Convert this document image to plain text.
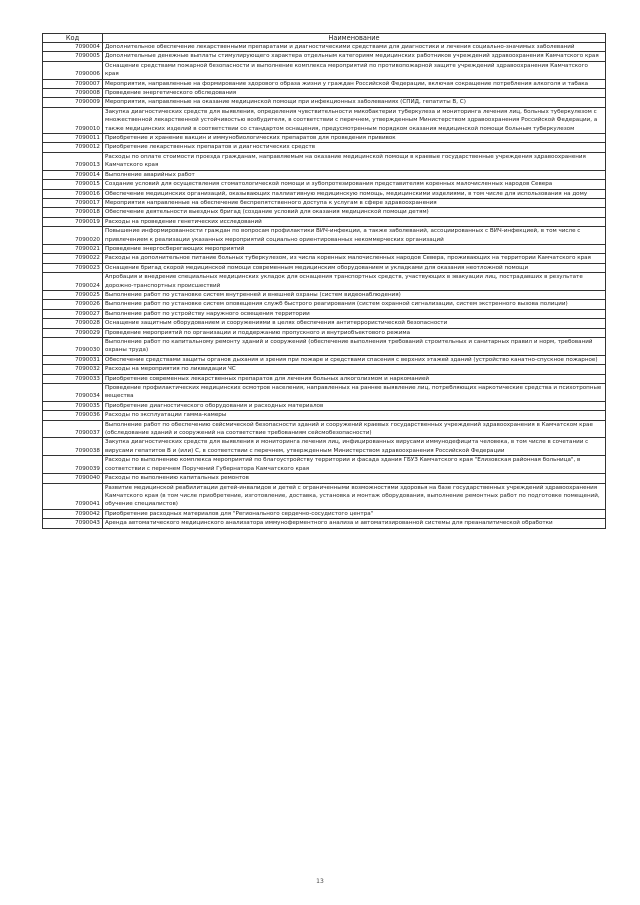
Код	Наименование
7090004	Дополнительное обеспечение лекарственными препаратами и диагностическими средствами для диагностики и лечения социально-значимых заболеваний
7090005	Дополнительные денежные выплаты стимулирующего характера отдельным категориям медицинских работников учреждений здравоохранения Камчатского края
7090006	Оснащение средствами пожарной безопасности и выполнение комплекса мероприятий по противопожарной защите учреждений здравоохранения Камчатского края
7090007	Мероприятия, направленные на формирование здорового образа жизни у граждан Российской Федерации, включая сокращение потребления алкоголя и табака
7090008	Проведение энергетического обследования
7090009	Мероприятия, направленные на оказание медицинской помощи при инфекционных заболеваниях (СПИД, гепатиты B, C)
7090010	Закупка диагностических средств для выявления, определения чувствительности микобактерии туберкулеза и мониторинга лечения лиц, больных туберкулезом с множественной лекарственной устойчивостью возбудителя, в соответствии с перечнем, утвержденным Министерством здравоохранения Российской Федерации, а также медицинских изделий в соответствии со стандартом оснащения, предусмотренным порядком оказания медицинской помощи больным туберкулезом
7090011	Приобретение и хранение вакцин и иммунобиологических препаратов для проведения прививок
7090012	Приобретение лекарственных препаратов и диагностических средств
7090013	Расходы по оплате стоимости проезда гражданам, направляемым на оказание медицинской помощи в краевые государственные учреждения здравоохранения Камчатского края
7090014	Выполнение аварийных работ
7090015	Создание условий для осуществления стоматологической помощи и зубопротезирования представителям коренных малочисленных народов Севера
7090016	Обеспечение медицинских организаций, оказывающих паллиативную медицинскую помощь, медицинскими изделиями, в том числе для использования на дому
7090017	Мероприятия направленные на обеспечение беспрепятственного доступа к услугам в сфере здравоохранения
7090018	Обеспечение деятельности выездных бригад (создание условий для оказания медицинской помощи детям)
7090019	Расходы на проведение генетических исследований
7090020	Повышение информированности граждан по вопросам профилактики ВИЧ-инфекции, а также заболеваний, ассоциированных с ВИЧ-инфекцией, в том числе с привлечением к реализации указанных мероприятий социально ориентированных некоммерческих организаций
7090021	Проведение энергосберегающих мероприятий
7090022	Расходы на дополнительное питание больных туберкулезом, из числа коренных малочисленных народов Севера, проживающих на территории Камчатского края
7090023	Оснащение бригад скорой медицинской помощи современным медицинским оборудованием и укладками для оказания неотложной помощи
7090024	Апробация и внедрение специальных медицинских укладок для оснащения транспортных средств, участвующих в эвакуации лиц, пострадавших в результате дорожно-транспортных происшествий
7090025	Выполнение работ по установке систем внутренней и внешней охраны (систем видеонаблюдения)
7090026	Выполнение работ по установке систем оповещения служб быстрого реагирования (систем охранной сигнализации, систем экстренного вызова полиции)
7090027	Выполнение работ по устройству наружного освещения территории
7090028	Оснащение защитным оборудованием и сооружениями в целях обеспечения антитеррористической безопасности
7090029	Проведение мероприятий по организации и поддержанию пропускного и внутриобъектового режима
7090030	Выполнение работ по капитальному ремонту зданий и сооружений (обеспечение выполнения требований строительных и санитарных правил и норм, требований охраны труда)
7090031	Обеспечение средствами защиты органов дыхания и зрения при пожаре и средствами спасения с верхних этажей зданий (устройство канатно-спускное пожарное)
7090032	Расходы на мероприятия по ликвидации ЧС
7090033	Приобретение современных лекарственных препаратов для лечения больных алкоголизмом и наркоманией
7090034	Проведение профилактических медицинских осмотров населения, направленных на раннее выявление лиц, потребляющих наркотические средства и психотропные вещества
7090035	Приобретение диагностического оборудования и расходных материалов
7090036	Расходы по эксплуатации гамма-камеры
7090037	Выполнение работ по обеспечению сейсмической безопасности зданий и сооружений краевых государственных учреждений здравоохранения в Камчатском крае (обследование зданий и сооружений на соответствие требованиям сейсмобезопасности)
7090038	Закупка диагностических средств для выявления и мониторинга лечения лиц, инфицированных вирусами иммунодефицита человека, в том числе в сочетании с вирусами гепатитов B и (или) C, в соответствии с перечнем, утвержденным Министерством здравоохранения Российской Федерации
7090039	Расходы по выполнению комплекса мероприятий по благоустройству территории и фасада здания ГБУЗ Камчатского края "Елизовская районная больница", в соответствии с перечнем Поручений Губернатора Камчатского края
7090040	Расходы по выполнению капитальных ремонтов
7090041	Развитие медицинской реабилитации детей-инвалидов и детей с ограниченными возможностями здоровья на базе государственных учреждений здравоохранения Камчатского края (в том числе приобретение, изготовление, доставка, установка и монтаж оборудования, выполнение ремонтных работ по подготовке помещений, обучение специалистов)
7090042	Приобретение расходных материалов для "Регионального сердечно-сосудистого центра"
7090043	Аренда автоматического медицинского анализатора иммуноферментного анализа и автоматизированной системы для преаналитической обработки
13
